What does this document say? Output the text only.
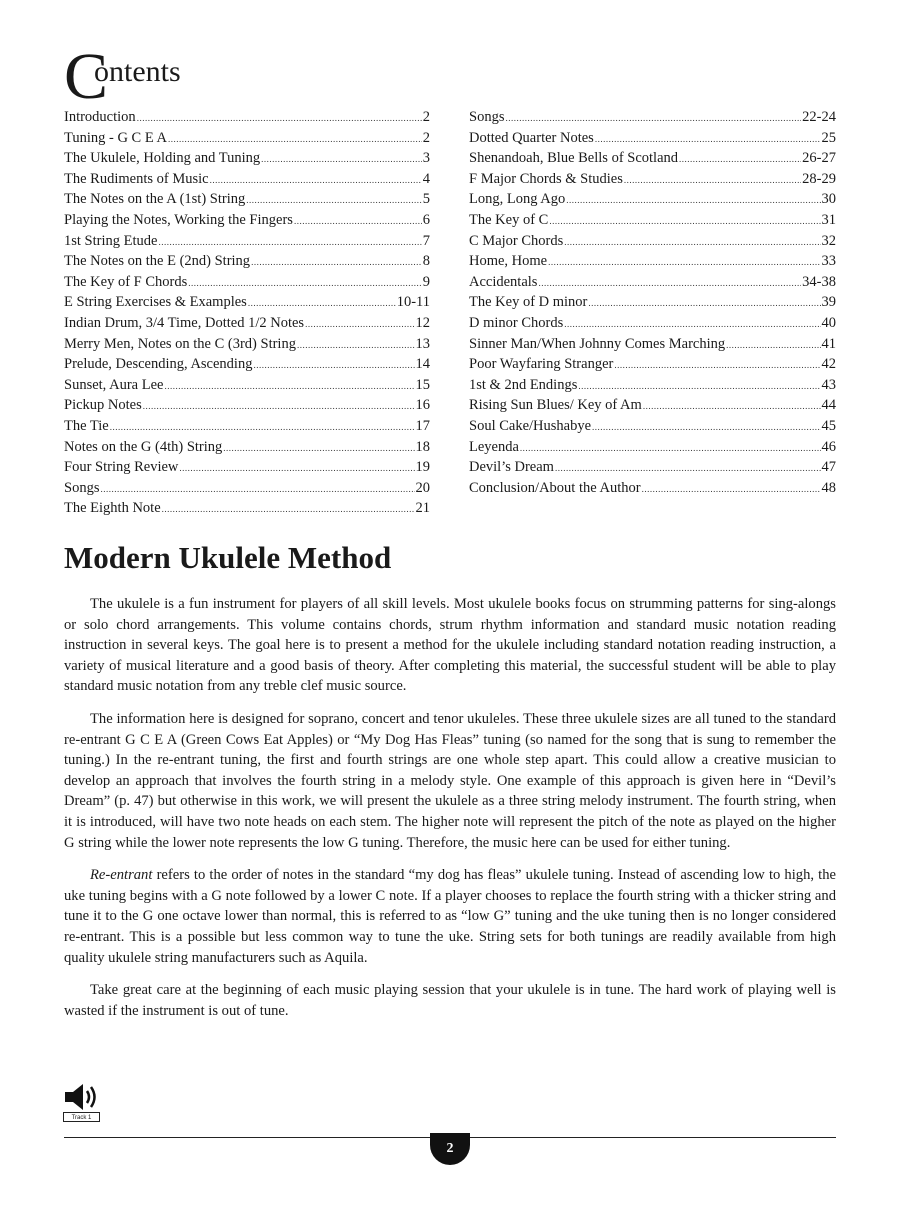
Contents
Introduction .....	2
Tuning - G C E A .....	2
The Ukulele, Holding and Tuning .....	3
The Rudiments of Music .....	4
The Notes on the A (1st) String .....	5
Playing the Notes, Working the Fingers .....	6
1st String Etude .....	7
The Notes on the E (2nd) String .....	8
The Key of F Chords .....	9
E String Exercises & Examples .....	10-11
Indian Drum, 3/4 Time, Dotted 1/2 Notes .....	12
Merry Men, Notes on the C (3rd) String .....	13
Prelude, Descending, Ascending .....	14
Sunset, Aura Lee .....	15
Pickup Notes .....	16
The Tie .....	17
Notes on the G (4th) String .....	18
Four String Review .....	19
Songs .....	20
The Eighth Note .....	21
Songs .....	22-24
Dotted Quarter Notes .....	25
Shenandoah, Blue Bells of Scotland .....	26-27
F Major Chords & Studies .....	28-29
Long, Long Ago .....	30
The Key of C .....	31
C Major Chords .....	32
Home, Home .....	33
Accidentals .....	34-38
The Key of D minor .....	39
D minor Chords .....	40
Sinner Man/When Johnny Comes Marching .....	41
Poor Wayfaring Stranger .....	42
1st & 2nd Endings .....	43
Rising Sun Blues/ Key of Am .....	44
Soul Cake/Hushabye .....	45
Leyenda .....	46
Devil’s Dream .....	47
Conclusion/About the Author .....	48
Modern Ukulele Method

The ukulele is a fun instrument for players of all skill levels. Most ukulele books focus on strumming patterns for sing-alongs or solo chord arrangements. This volume contains chords, strum rhythm information and standard music notation reading instruction in several keys. The goal here is to present a method for the ukulele including standard notation reading instruction, a variety of musical literature and a good basis of theory. After completing this material, the successful student will be able to play standard music notation from any treble clef music source.

The information here is designed for soprano, concert and tenor ukuleles. These three ukulele sizes are all tuned to the standard re-entrant G C E A (Green Cows Eat Apples) or “My Dog Has Fleas” tuning (so named for the song that is sung to remember the tuning.) In the re-entrant tuning, the first and fourth strings are one whole step apart. This could allow a creative musician to develop an approach that involves the fourth string in a melody style. One example of this approach is given here in “Devil’s Dream” (p. 47) but otherwise in this work, we will present the ukulele as a three string melody instrument. The fourth string, when it is introduced, will have two note heads on each stem. The higher note will represent the pitch of the note as played on the higher G string while the lower note represents the low G tuning. Therefore, the music here can be used for either tuning.

Re-entrant refers to the order of notes in the standard “my dog has fleas” ukulele tuning. Instead of ascending low to high, the uke tuning begins with a G note followed by a lower C note. If a player chooses to replace the fourth string with a thicker string and tune it to the G one octave lower than normal, this is referred to as “low G” tuning and the uke tuning then is no longer considered re-entrant. This is a possible but less common way to tune the uke. String sets for both tunings are readily available from high quality ukulele string manufacturers such as Aquila.

Take great care at the beginning of each music playing session that your ukulele is in tune. The hard work of playing well is wasted if the instrument is out of tune.

Track 1
2
